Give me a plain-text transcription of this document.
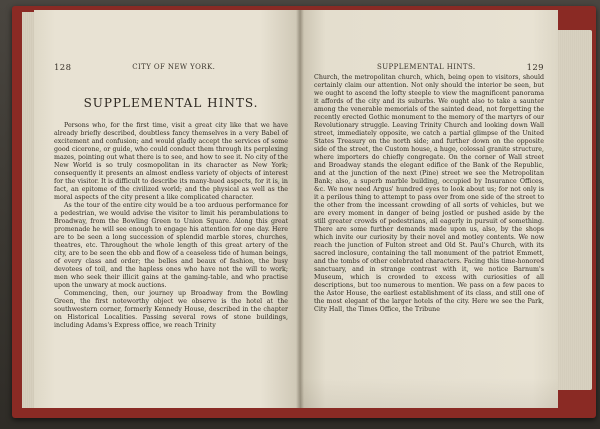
128	CITY OF NEW YORK.
SUPPLEMENTAL HINTS.

Persons who, for the first time, visit a great city like that we have already briefly described, doubtless fancy themselves in a very Babel of excitement and confusion; and would gladly accept the services of some good cicerone, or guide, who could conduct them through its perplexing mazes, pointing out what there is to see, and how to see it. No city of the New World is so truly cosmopolitan in its character as New York; consequently it presents an almost endless variety of objects of interest for the visitor. It is difficult to describe its many-hued aspects, for it is, in fact, an epitome of the civilized world; and the physical as well as the moral aspects of the city present a like complicated character.

As the tour of the entire city would be a too arduous performance for a pedestrian, we would advise the visitor to limit his perambulations to Broadway, from the Bowling Green to Union Square. Along this great promenade he will see enough to engage his attention for one day. Here are to be seen a long succession of splendid marble stores, churches, theatres, etc. Throughout the whole length of this great artery of the city, are to be seen the ebb and flow of a ceaseless tide of human beings, of every class and order; the belles and beaux of fashion, the busy devotees of toil, and the hapless ones who have not the will to work; men who seek their illicit gains at the gaming-table, and who practise upon the unwary at mock auctions.

Commencing, then, our journey up Broadway from the Bowling Green, the first noteworthy object we observe is the hotel at the southwestern corner, formerly Kennedy House, described in the chapter on Historical Localities. Passing several rows of stone buildings, including Adams's Express office, we reach Trinity

SUPPLEMENTAL HINTS.	129

Church, the metropolitan church, which, being open to visitors, should certainly claim our attention. Not only should the interior be seen, but we ought to ascend the lofty steeple to view the magnificent panorama it affords of the city and its suburbs. We ought also to take a saunter among the venerable memorials of the sainted dead, not forgetting the recently erected Gothic monument to the memory of the martyrs of our Revolutionary struggle. Leaving Trinity Church and looking down Wall street, immediately opposite, we catch a partial glimpse of the United States Treasury on the north side; and further down on the opposite side of the street, the Custom house, a huge, colossal granite structure, where importers do chiefly congregate. On the corner of Wall street and Broadway stands the elegant edifice of the Bank of the Republic, and at the junction of the next (Pine) street we see the Metropolitan Bank; also, a superb marble building, occupied by Insurance Offices, &c. We now need Argus' hundred eyes to look about us; for not only is it a perilous thing to attempt to pass over from one side of the street to the other from the incessant crowding of all sorts of vehicles, but we are every moment in danger of being jostled or pushed aside by the still greater crowds of pedestrians, all eagerly in pursuit of something. There are some further demands made upon us, also, by the shops which invite our curiosity by their novel and motley contents. We now reach the junction of Fulton street and Old St. Paul's Church, with its sacred inclosure, containing the tall monument of the patriot Emmett, and the tombs of other celebrated characters. Facing this time-honored sanctuary, and in strange contrast with it, we notice Barnum's Museum, which is crowded to excess with curiosities of all descriptions, but too numerous to mention. We pass on a few paces to the Astor House, the earliest establishment of its class, and still one of the most elegant of the larger hotels of the city. Here we see the Park, City Hall, the Times Office, the Tribune
